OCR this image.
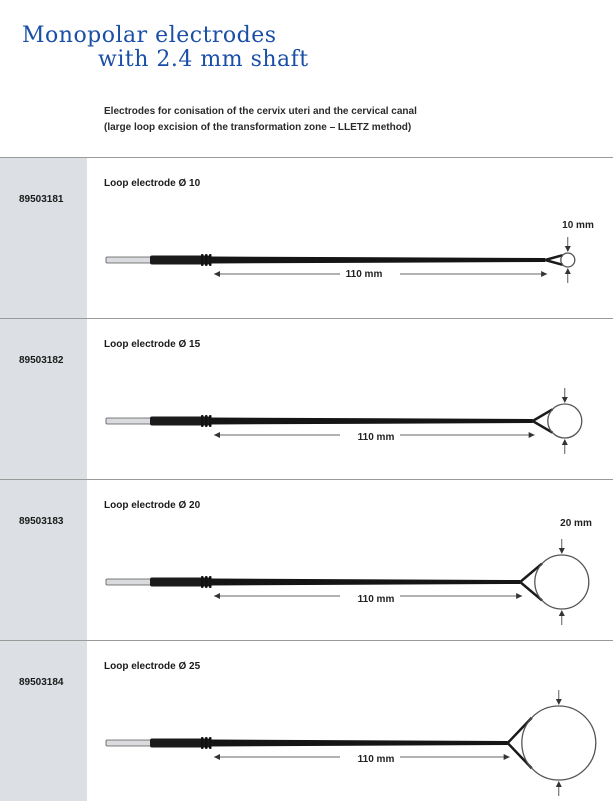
Monopolar electrodes
with 2.4 mm shaft
Electrodes for conisation of the cervix uteri and the cervical canal
(large loop excision of the transformation zone – LLETZ method)
89503181
Loop electrode Ø 10
110 mm
10 mm
89503182
Loop electrode Ø 15
110 mm
89503183
Loop electrode Ø 20
110 mm
20 mm
89503184
Loop electrode Ø 25
110 mm
